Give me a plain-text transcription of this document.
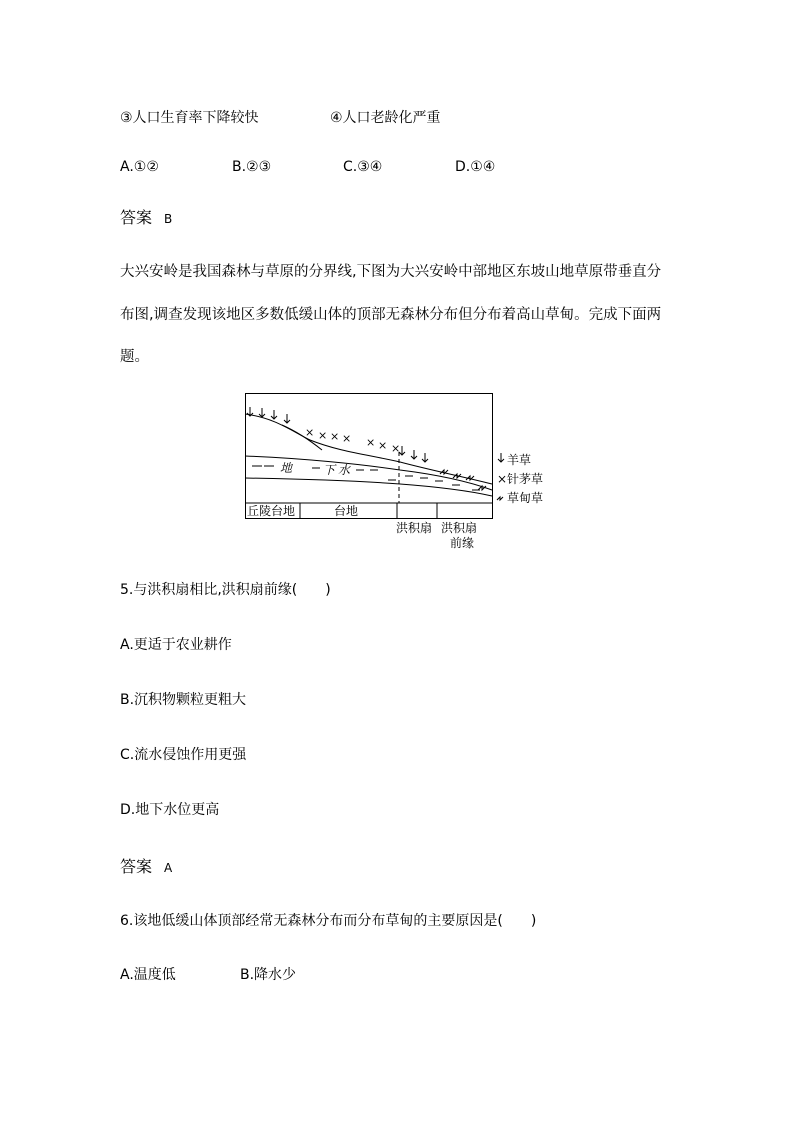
③人口生育率下降较快	④人口老龄化严重
A.①②	B.②③	C.③④	D.①④
答案 B
大兴安岭是我国森林与草原的分界线,下图为大兴安岭中部地区东坡山地草原带垂直分
布图,调查发现该地区多数低缓山体的顶部无森林分布但分布着高山草甸。完成下面两
题。
地	下水
× × × × × × ×
丘陵台地	台地
洪积扇 洪积扇
前缘
羊草
× 针茅草
草甸草
5.与洪积扇相比,洪积扇前缘(　　)
A.更适于农业耕作
B.沉积物颗粒更粗大
C.流水侵蚀作用更强
D.地下水位更高
答案 A
6.该地低缓山体顶部经常无森林分布而分布草甸的主要原因是(　　)
A.温度低	B.降水少
